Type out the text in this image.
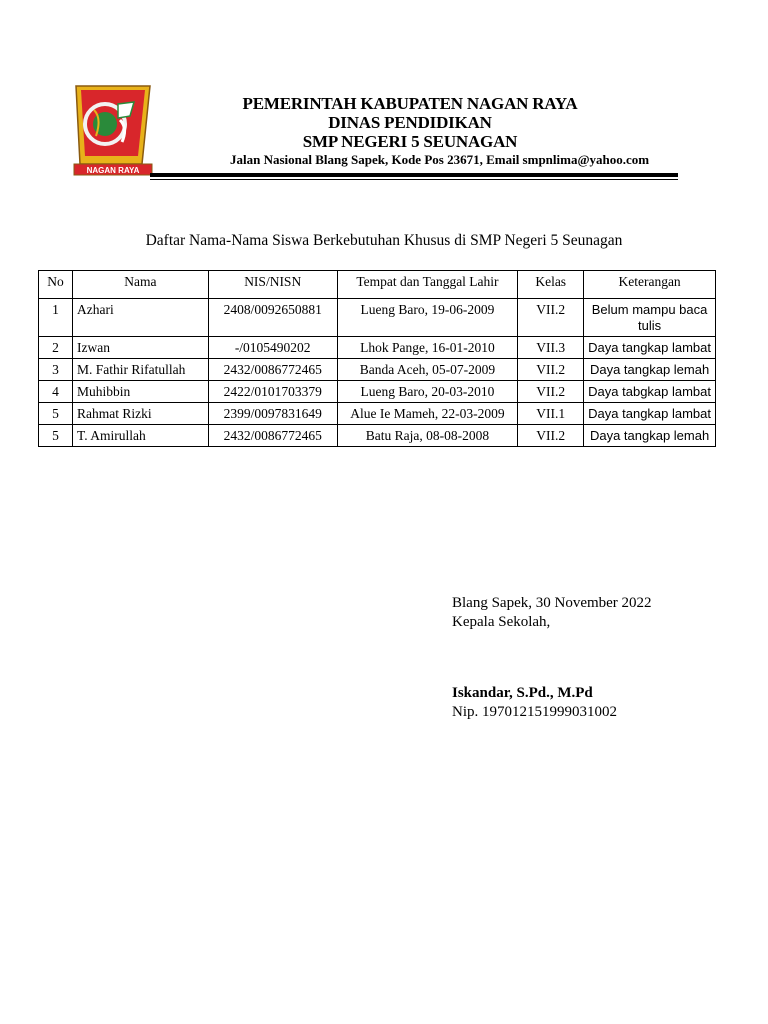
NAGAN RAYA
PEMERINTAH KABUPATEN NAGAN RAYA
DINAS PENDIDIKAN
SMP NEGERI 5 SEUNAGAN
Jalan Nasional Blang Sapek, Kode Pos 23671, Email smpnlima@yahoo.com
Daftar Nama-Nama Siswa Berkebutuhan Khusus di SMP Negeri 5 Seunagan
No	Nama	NIS/NISN	Tempat dan Tanggal Lahir	Kelas	Keterangan
1	Azhari	2408/0092650881	Lueng Baro, 19-06-2009	VII.2	Belum mampu baca tulis
2	Izwan	-/0105490202	Lhok Pange, 16-01-2010	VII.3	Daya tangkap lambat
3	M. Fathir Rifatullah	2432/0086772465	Banda Aceh, 05-07-2009	VII.2	Daya tangkap lemah
4	Muhibbin	2422/0101703379	Lueng Baro, 20-03-2010	VII.2	Daya tabgkap lambat
5	Rahmat Rizki	2399/0097831649	Alue Ie Mameh, 22-03-2009	VII.1	Daya tangkap lambat
5	T. Amirullah	2432/0086772465	Batu Raja, 08-08-2008	VII.2	Daya tangkap lemah
Blang Sapek, 30 November 2022
Kepala Sekolah,
Iskandar, S.Pd., M.Pd
Nip. 197012151999031002
